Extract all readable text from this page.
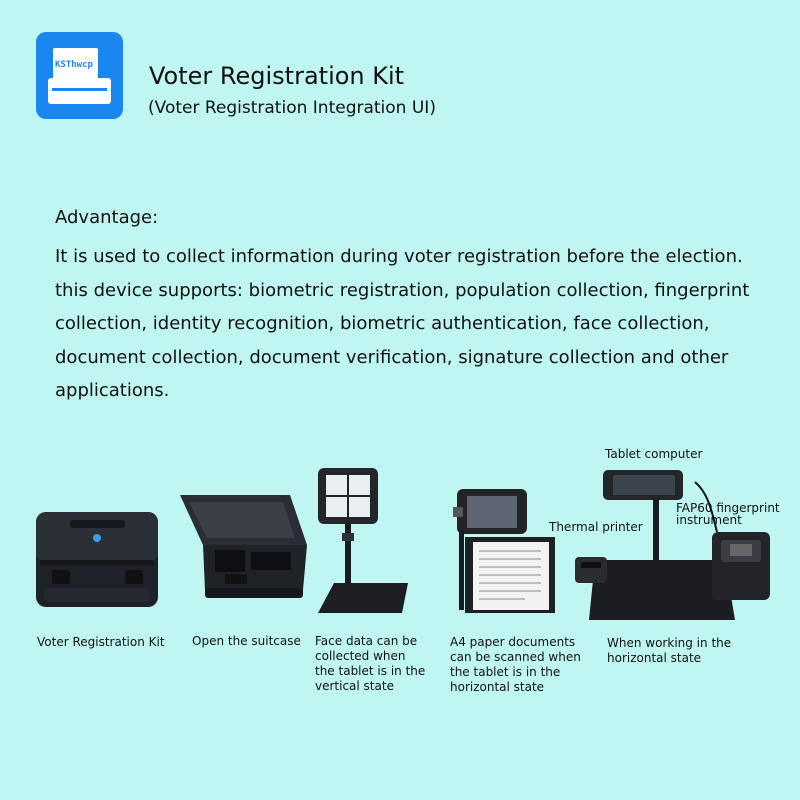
KSThwcp	Voter Registration Kit
(Voter Registration Integration UI)
Advantage:
It is used to collect information during voter registration before the election.
this device supports: biometric registration, population collection, fingerprint
collection, identity recognition, biometric authentication, face collection,
document collection, document verification, signature collection and other
applications.
Tablet computer
Thermal printer
FAP60 fingerprint
instrument
Voter Registration Kit Open the suitcase Face data can be
collected when
the tablet is in the
vertical state
A4 paper documents
can be scanned when
the tablet is in the
horizontal state
When working in the
horizontal state
